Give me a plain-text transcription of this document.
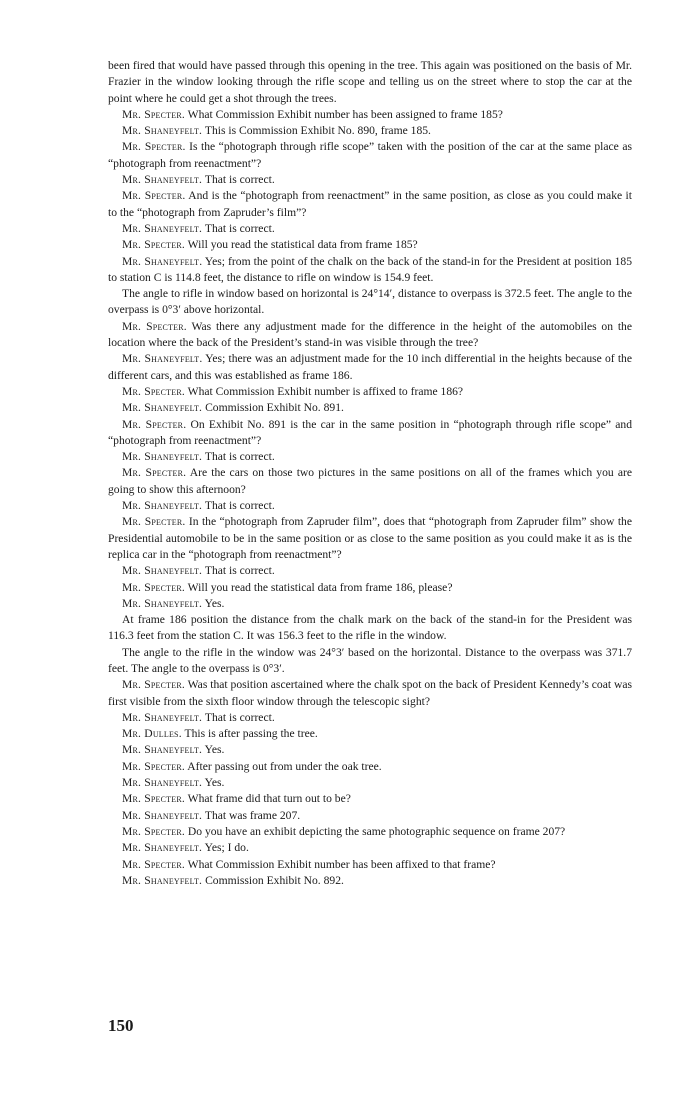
been fired that would have passed through this opening in the tree. This again was positioned on the basis of Mr. Frazier in the window looking through the rifle scope and telling us on the street where to stop the car at the point where he could get a shot through the trees.

Mr. Specter. What Commission Exhibit number has been assigned to frame 185?

Mr. Shaneyfelt. This is Commission Exhibit No. 890, frame 185.

Mr. Specter. Is the “photograph through rifle scope” taken with the position of the car at the same place as “photograph from reenactment”?

Mr. Shaneyfelt. That is correct.

Mr. Specter. And is the “photograph from reenactment” in the same position, as close as you could make it to the “photograph from Zapruder’s film”?

Mr. Shaneyfelt. That is correct.

Mr. Specter. Will you read the statistical data from frame 185?

Mr. Shaneyfelt. Yes; from the point of the chalk on the back of the stand-in for the President at position 185 to station C is 114.8 feet, the distance to rifle on window is 154.9 feet.

The angle to rifle in window based on horizontal is 24°14′, distance to overpass is 372.5 feet. The angle to the overpass is 0°3′ above horizontal.

Mr. Specter. Was there any adjustment made for the difference in the height of the automobiles on the location where the back of the President’s stand-in was visible through the tree?

Mr. Shaneyfelt. Yes; there was an adjustment made for the 10 inch differential in the heights because of the different cars, and this was established as frame 186.

Mr. Specter. What Commission Exhibit number is affixed to frame 186?

Mr. Shaneyfelt. Commission Exhibit No. 891.

Mr. Specter. On Exhibit No. 891 is the car in the same position in “photograph through rifle scope” and “photograph from reenactment”?

Mr. Shaneyfelt. That is correct.

Mr. Specter. Are the cars on those two pictures in the same positions on all of the frames which you are going to show this afternoon?

Mr. Shaneyfelt. That is correct.

Mr. Specter. In the “photograph from Zapruder film”, does that “photograph from Zapruder film” show the Presidential automobile to be in the same position or as close to the same position as you could make it as is the replica car in the “photograph from reenactment”?

Mr. Shaneyfelt. That is correct.

Mr. Specter. Will you read the statistical data from frame 186, please?

Mr. Shaneyfelt. Yes.

At frame 186 position the distance from the chalk mark on the back of the stand-in for the President was 116.3 feet from the station C. It was 156.3 feet to the rifle in the window.

The angle to the rifle in the window was 24°3′ based on the horizontal. Distance to the overpass was 371.7 feet. The angle to the overpass is 0°3′.

Mr. Specter. Was that position ascertained where the chalk spot on the back of President Kennedy’s coat was first visible from the sixth floor window through the telescopic sight?

Mr. Shaneyfelt. That is correct.

Mr. Dulles. This is after passing the tree.

Mr. Shaneyfelt. Yes.

Mr. Specter. After passing out from under the oak tree.

Mr. Shaneyfelt. Yes.

Mr. Specter. What frame did that turn out to be?

Mr. Shaneyfelt. That was frame 207.

Mr. Specter. Do you have an exhibit depicting the same photographic sequence on frame 207?

Mr. Shaneyfelt. Yes; I do.

Mr. Specter. What Commission Exhibit number has been affixed to that frame?

Mr. Shaneyfelt. Commission Exhibit No. 892.

150
